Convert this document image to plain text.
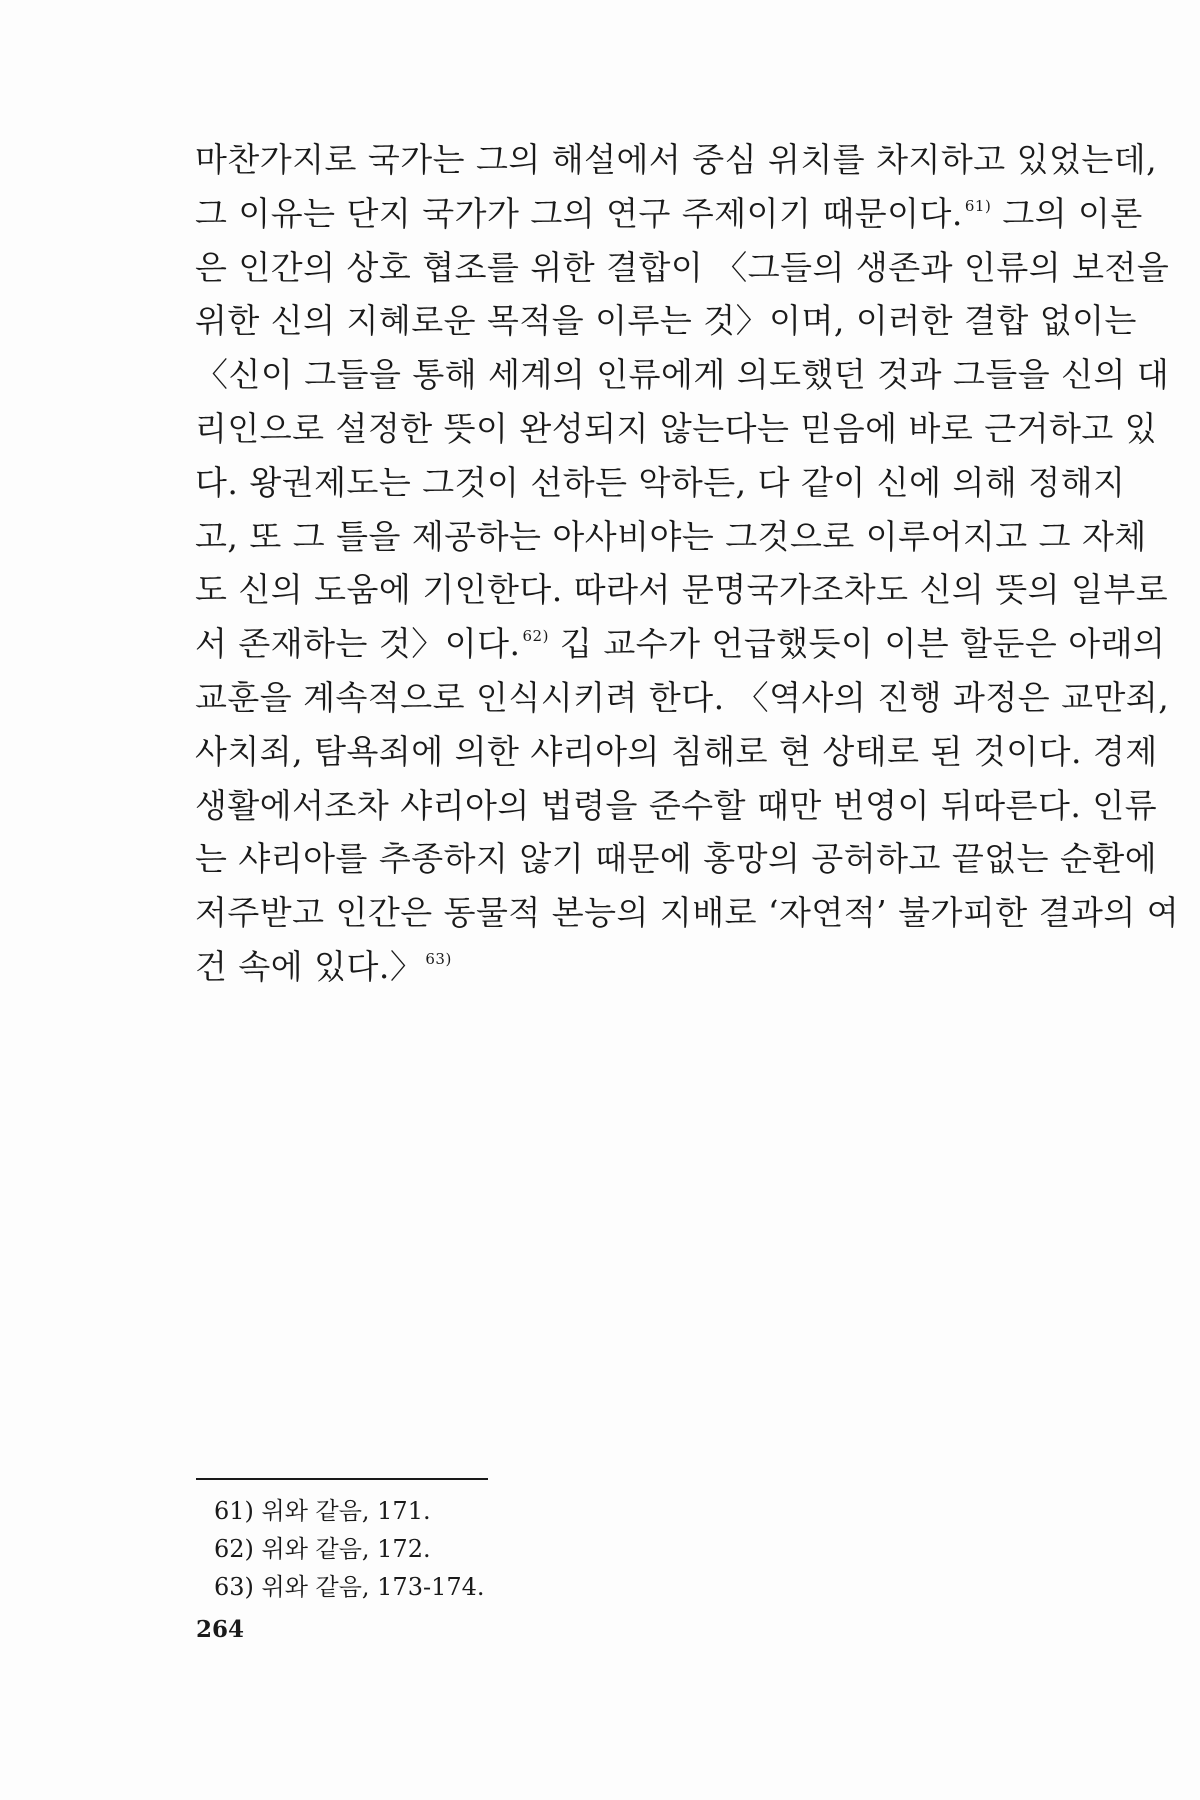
마찬가지로 국가는 그의 해설에서 중심 위치를 차지하고 있었는데,
그 이유는 단지 국가가 그의 연구 주제이기 때문이다. $^{61)}$ 그의 이론
은 인간의 상호 협조를 위한 결합이 〈그들의 생존과 인류의 보전을
위한 신의 지혜로운 목적을 이루는 것〉이며, 이러한 결합 없이는
〈신이 그들을 통해 세계의 인류에게 의도했던 것과 그들을 신의 대
리인으로 설정한 뜻이 완성되지 않는다는 믿음에 바로 근거하고 있
다. 왕권제도는 그것이 선하든 악하든, 다 같이 신에 의해 정해지
고, 또 그 틀을 제공하는 아사비야는 그것으로 이루어지고 그 자체
도 신의 도움에 기인한다. 따라서 문명국가조차도 신의 뜻의 일부로
서 존재하는 것〉이다. $^{62)}$ 깁 교수가 언급했듯이 이븐 할둔은 아래의
교훈을 계속적으로 인식시키려 한다. 〈역사의 진행 과정은 교만죄,
사치죄, 탐욕죄에 의한 샤리아의 침해로 현 상태로 된 것이다. 경제
생활에서조차 샤리아의 법령을 준수할 때만 번영이 뒤따른다. 인류
는 샤리아를 추종하지 않기 때문에 홍망의 공허하고 끝없는 순환에
저주받고 인간은 동물적 본능의 지배로 ‘자연적’ 불가피한 결과의 여
건 속에 있다.〉 $^{63)}$
61) 위와 같음, 171.
62) 위와 같음, 172.
63) 위와 같음, 173-174.
264
